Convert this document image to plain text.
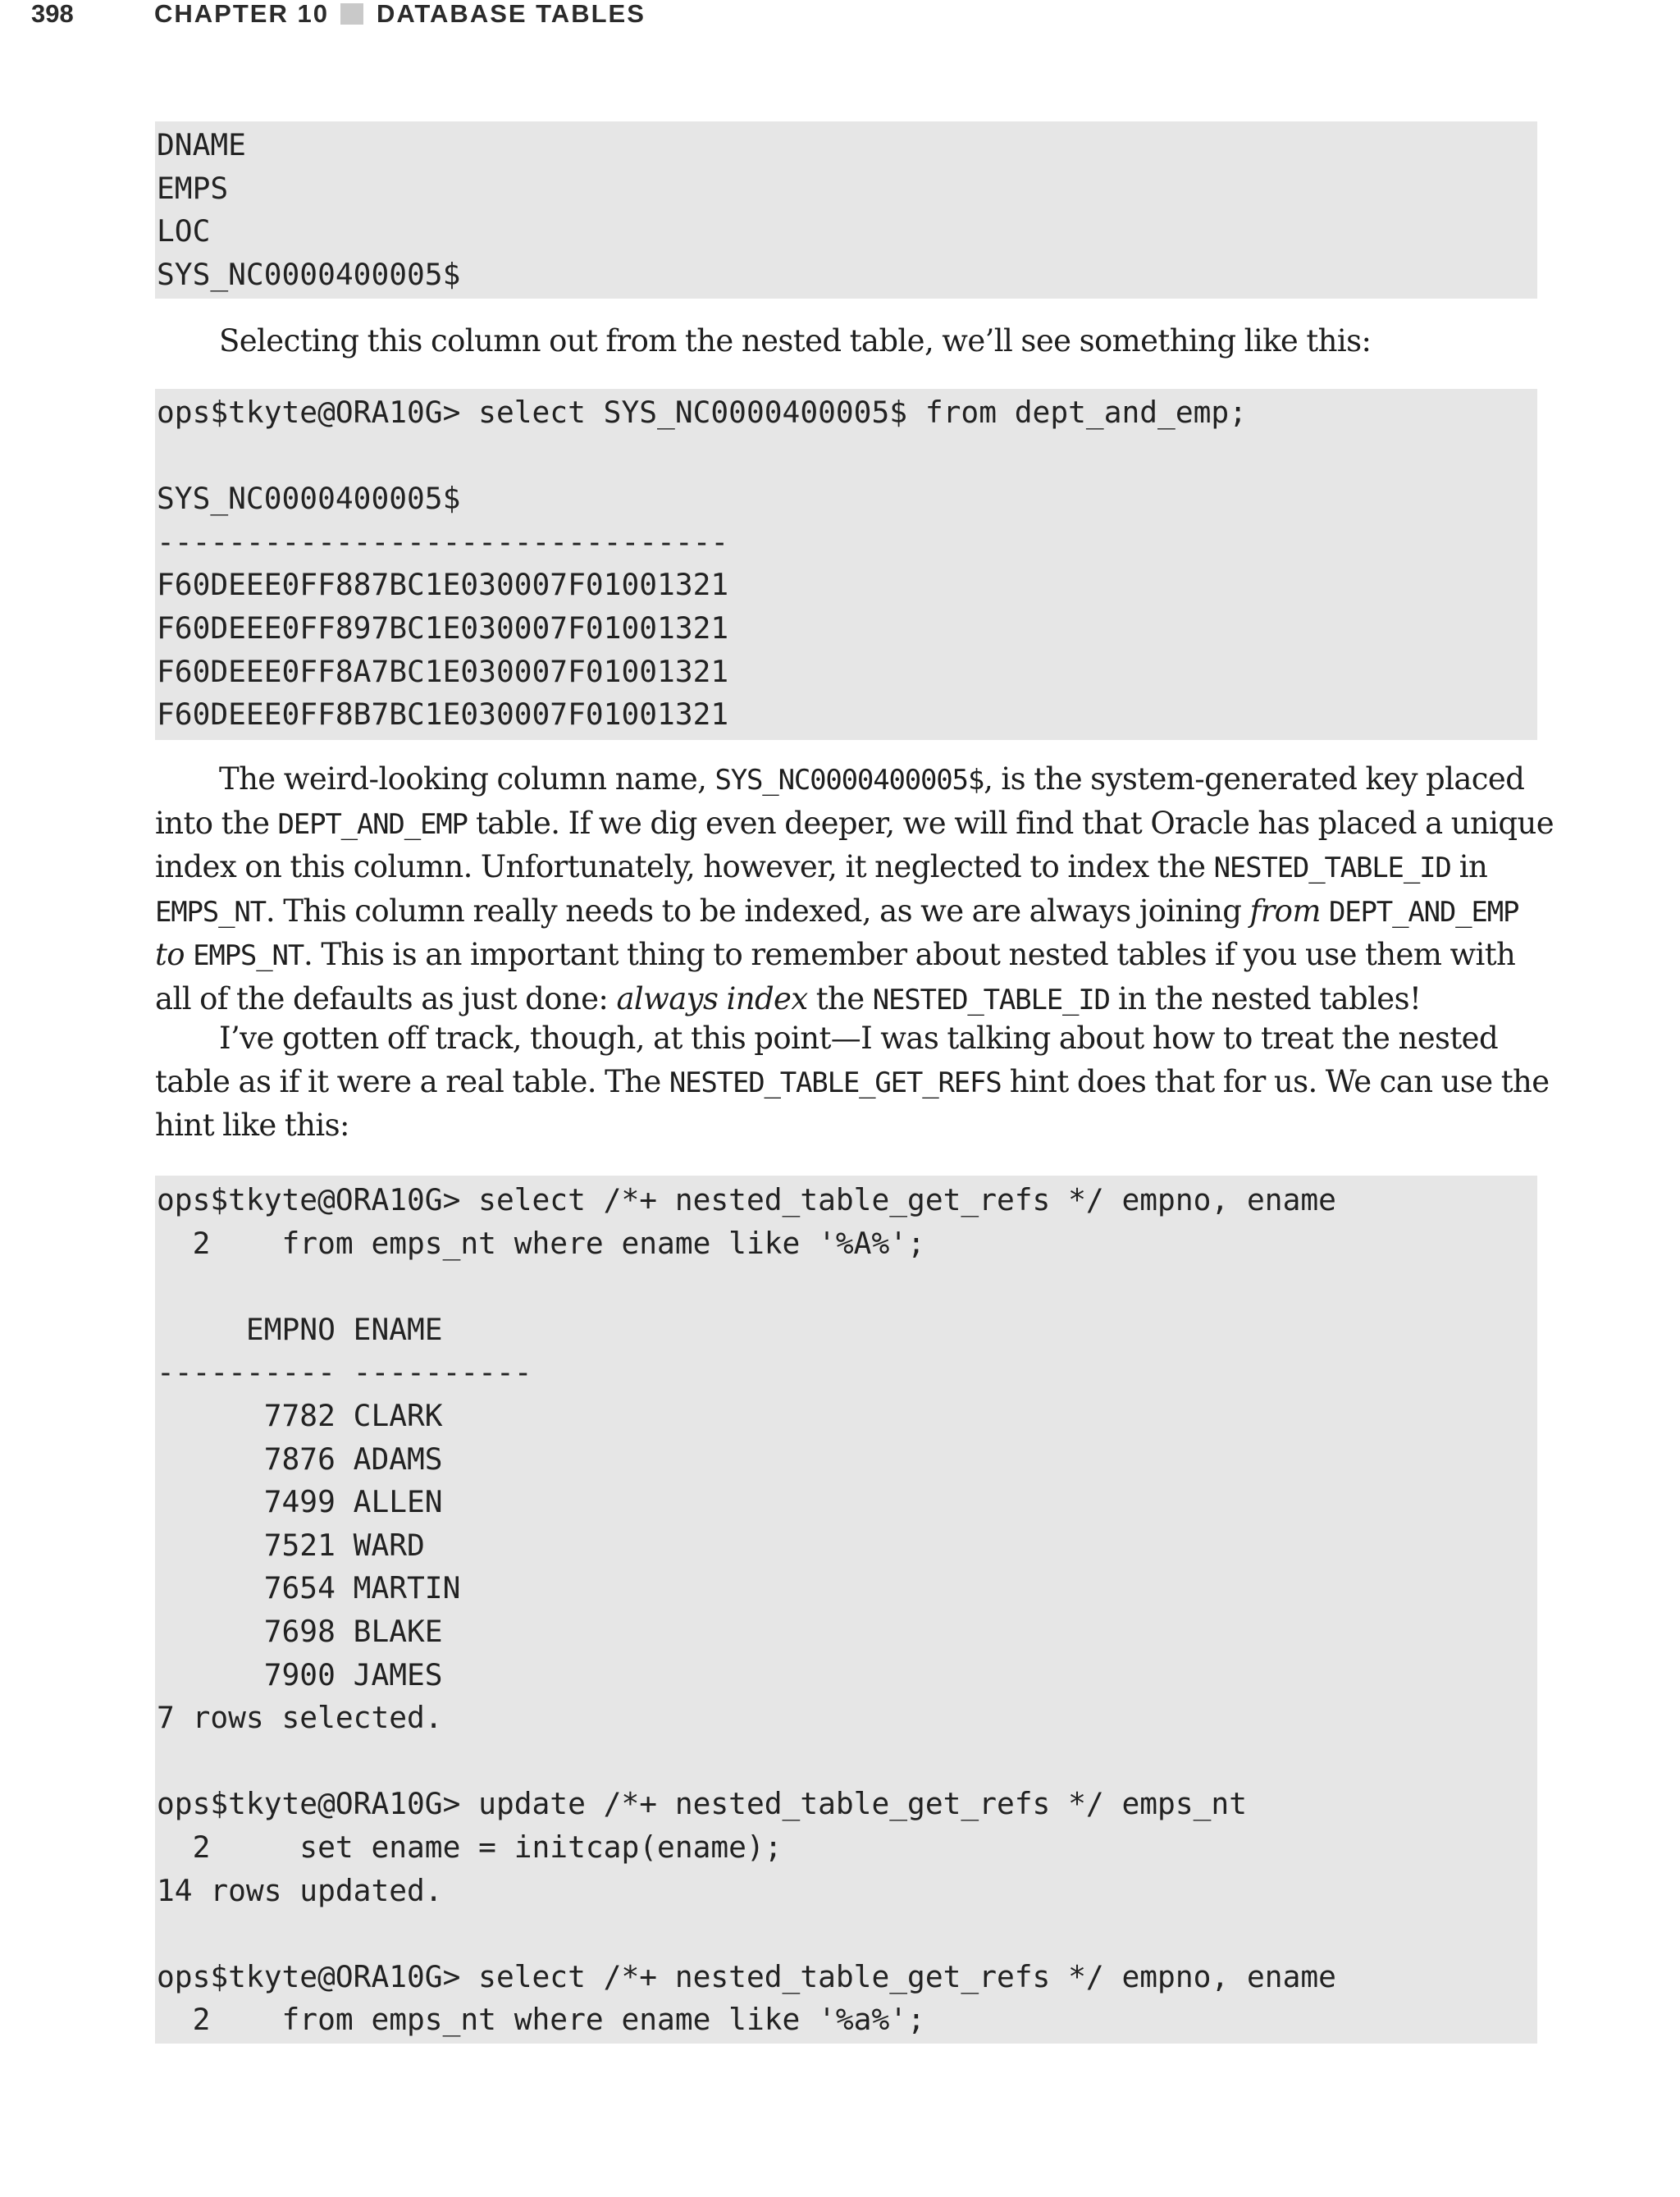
398	CHAPTER 10 DATABASE TABLES
DNAME
EMPS
LOC
SYS_NC0000400005$
Selecting this column out from the nested table, we’ll see something like this:
ops$tkyte@ORA10G> select SYS_NC0000400005$ from dept_and_emp;

SYS_NC0000400005$
--------------------------------
F60DEEE0FF887BC1E030007F01001321
F60DEEE0FF897BC1E030007F01001321
F60DEEE0FF8A7BC1E030007F01001321
F60DEEE0FF8B7BC1E030007F01001321
The weird-looking column name, SYS_NC0000400005$, is the system-generated key placed
into the DEPT_AND_EMP table. If we dig even deeper, we will find that Oracle has placed a unique
index on this column. Unfortunately, however, it neglected to index the NESTED_TABLE_ID in
EMPS_NT. This column really needs to be indexed, as we are always joining from DEPT_AND_EMP
to EMPS_NT. This is an important thing to remember about nested tables if you use them with
all of the defaults as just done: always index the NESTED_TABLE_ID in the nested tables!
I’ve gotten off track, though, at this point—I was talking about how to treat the nested
table as if it were a real table. The NESTED_TABLE_GET_REFS hint does that for us. We can use the
hint like this:
ops$tkyte@ORA10G> select /*+ nested_table_get_refs */ empno, ename
2    from emps_nt where ename like '%A%';

EMPNO ENAME
---------- ----------
7782 CLARK
7876 ADAMS
7499 ALLEN
7521 WARD
7654 MARTIN
7698 BLAKE
7900 JAMES
7 rows selected.

ops$tkyte@ORA10G> update /*+ nested_table_get_refs */ emps_nt
2     set ename = initcap(ename);
14 rows updated.

ops$tkyte@ORA10G> select /*+ nested_table_get_refs */ empno, ename
2    from emps_nt where ename like '%a%';
